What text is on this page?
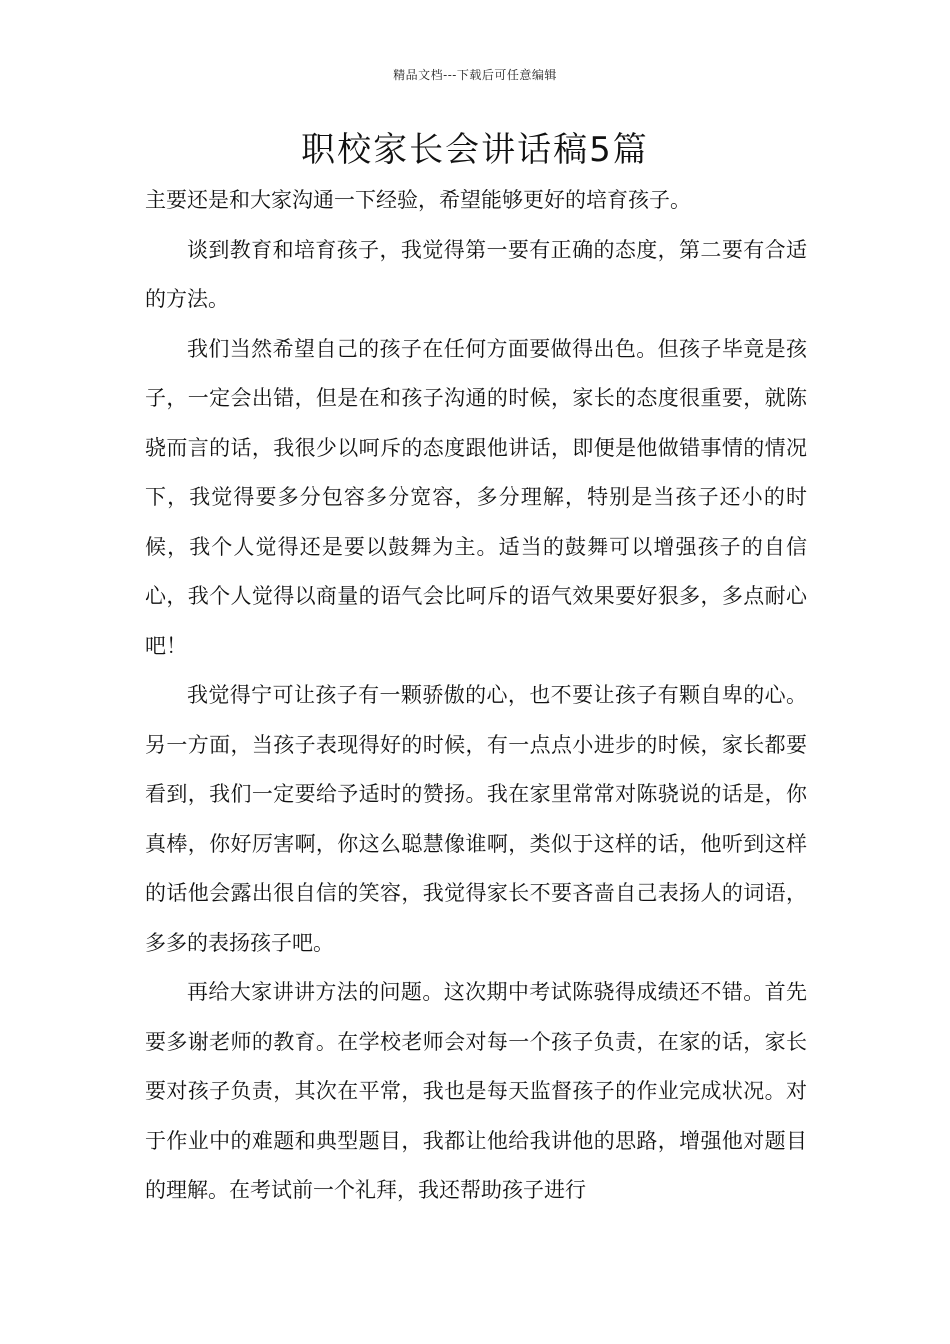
精品文档---下载后可任意编辑
职校家长会讲话稿5篇

主要还是和大家沟通一下经验，希望能够更好的培育孩子。

谈到教育和培育孩子，我觉得第一要有正确的态度，第二要有合适的方法。

我们当然希望自己的孩子在任何方面要做得出色。但孩子毕竟是孩子，一定会出错，但是在和孩子沟通的时候，家长的态度很重要，就陈骁而言的话，我很少以呵斥的态度跟他讲话，即便是他做错事情的情况下，我觉得要多分包容多分宽容，多分理解，特别是当孩子还小的时候，我个人觉得还是要以鼓舞为主。适当的鼓舞可以增强孩子的自信心，我个人觉得以商量的语气会比呵斥的语气效果要好狠多，多点耐心吧！

我觉得宁可让孩子有一颗骄傲的心，也不要让孩子有颗自卑的心。另一方面，当孩子表现得好的时候，有一点点小进步的时候，家长都要看到，我们一定要给予适时的赞扬。我在家里常常对陈骁说的话是，你真棒，你好厉害啊，你这么聪慧像谁啊，类似于这样的话，他听到这样的话他会露出很自信的笑容，我觉得家长不要吝啬自己表扬人的词语，多多的表扬孩子吧。

再给大家讲讲方法的问题。这次期中考试陈骁得成绩还不错。首先要多谢老师的教育。在学校老师会对每一个孩子负责，在家的话，家长要对孩子负责，其次在平常，我也是每天监督孩子的作业完成状况。对于作业中的难题和典型题目，我都让他给我讲他的思路，增强他对题目的理解。在考试前一个礼拜，我还帮助孩子进行
